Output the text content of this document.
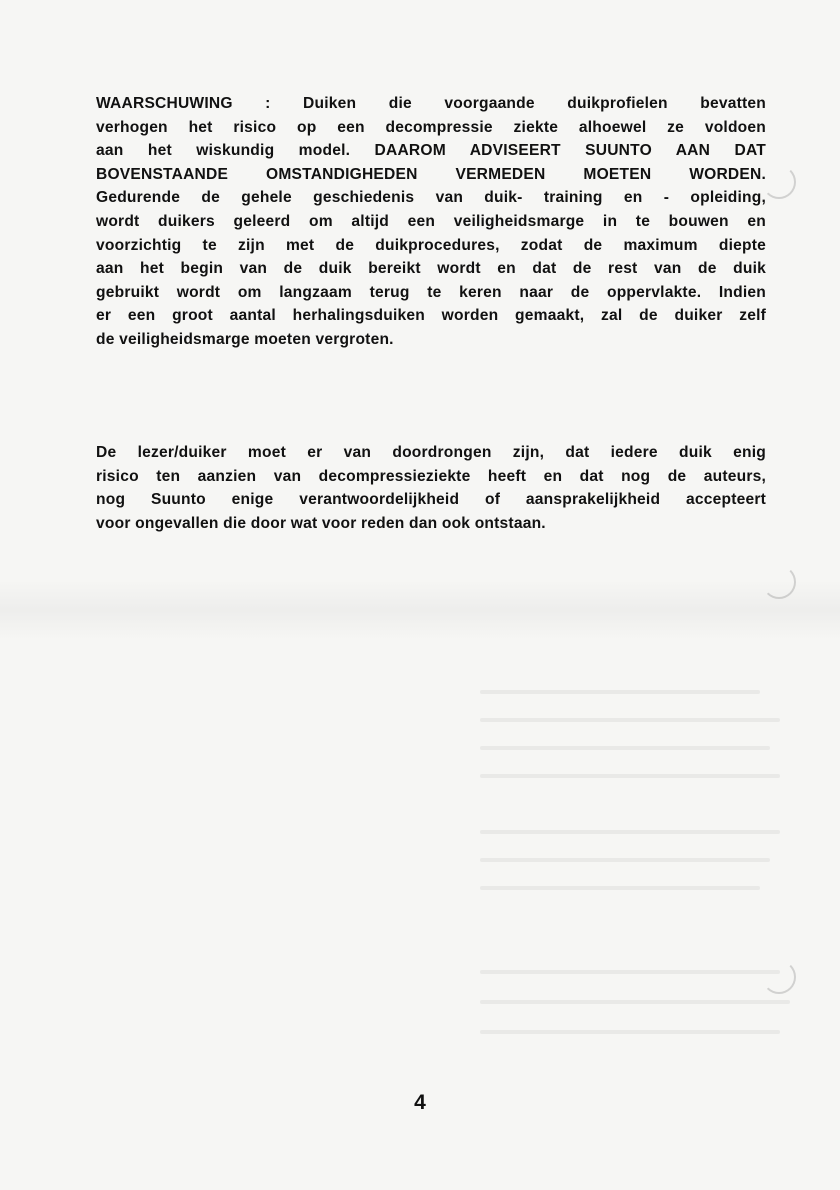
WAARSCHUWING : Duiken die voorgaande duikprofielen bevatten
verhogen het risico op een decompressie ziekte alhoewel ze voldoen
aan het wiskundig model. DAAROM ADVISEERT SUUNTO AAN DAT
BOVENSTAANDE OMSTANDIGHEDEN VERMEDEN MOETEN WORDEN.
Gedurende de gehele geschiedenis van duik- training en - opleiding,
wordt duikers geleerd om altijd een veiligheidsmarge in te bouwen en
voorzichtig te zijn met de duikprocedures, zodat de maximum diepte
aan het begin van de duik bereikt wordt en dat de rest van de duik
gebruikt wordt om langzaam terug te keren naar de oppervlakte. Indien
er een groot aantal herhalingsduiken worden gemaakt, zal de duiker zelf
de veiligheidsmarge moeten vergroten.
De lezer/duiker moet er van doordrongen zijn, dat iedere duik enig
risico ten aanzien van decompressieziekte heeft en dat nog de auteurs,
nog Suunto enige verantwoordelijkheid of aansprakelijkheid accepteert
voor ongevallen die door wat voor reden dan ook ontstaan.
4
